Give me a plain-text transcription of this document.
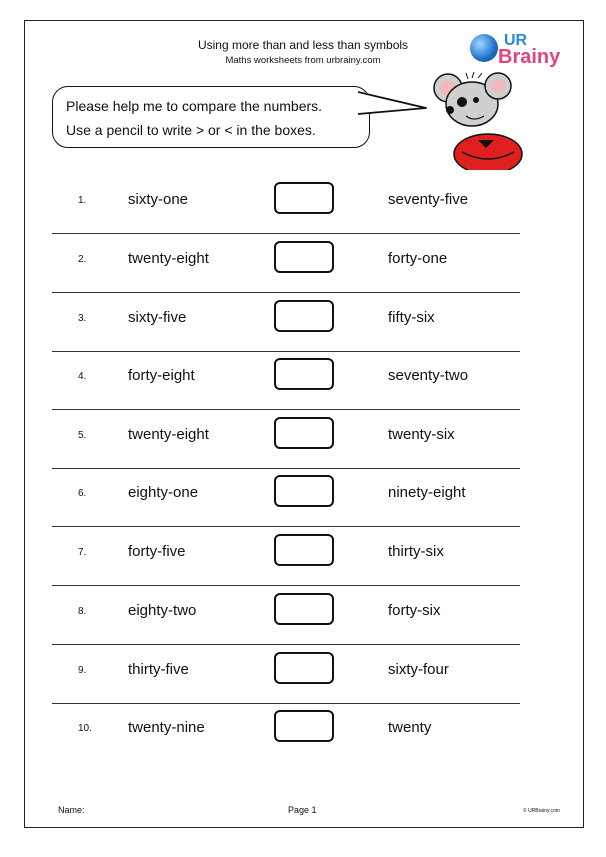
Using more than and less than symbols
Maths worksheets from urbrainy.com
UR
Brainy
Please help me to compare the numbers.
Use a pencil to write > or < in the boxes.
1.	sixty-one	seventy-five
2.	twenty-eight	forty-one
3.	sixty-five	fifty-six
4.	forty-eight	seventy-two
5.	twenty-eight	twenty-six
6.	eighty-one	ninety-eight
7.	forty-five	thirty-six
8.	eighty-two	forty-six
9.	thirty-five	sixty-four
10. twenty-nine	twenty
Name:	Page 1	© URBrainy.com
